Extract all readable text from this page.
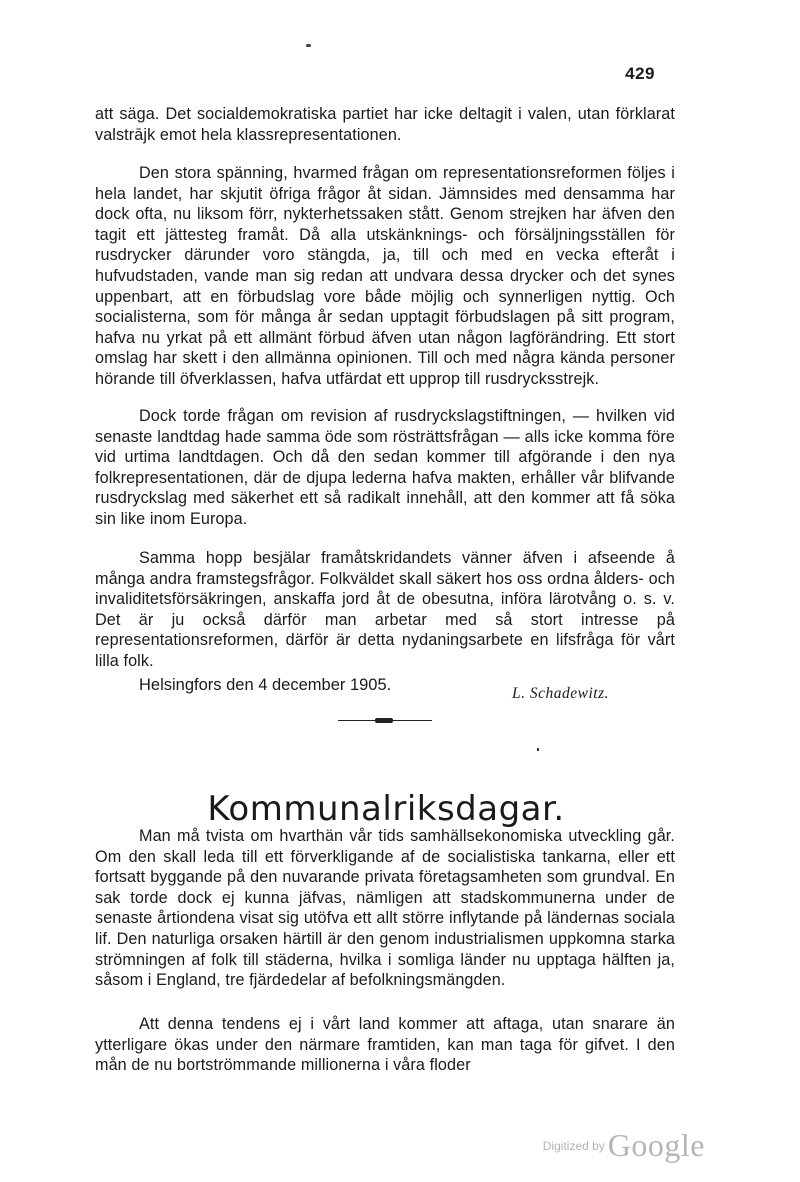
429

att säga. Det socialdemokratiska partiet har icke deltagit i valen, utan förklarat valstrājk emot hela klassrepresentationen.

Den stora spänning, hvarmed frågan om representationsreformen följes i hela landet, har skjutit öfriga frågor åt sidan. Jämnsides med densamma har dock ofta, nu liksom förr, nykterhetssaken stått. Genom strejken har äfven den tagit ett jättesteg framåt. Då alla utskänknings- och försäljningsställen för rusdrycker därunder voro stängda, ja, till och med en vecka efteråt i hufvudstaden, vande man sig redan att undvara dessa drycker och det synes uppenbart, att en förbudslag vore både möjlig och synnerligen nyttig. Och socialisterna, som för många år sedan upptagit förbudslagen på sitt program, hafva nu yrkat på ett allmänt förbud äfven utan någon lagförändring. Ett stort omslag har skett i den allmänna opinionen. Till och med några kända personer hörande till öfverklassen, hafva utfärdat ett upprop till rusdrycksstrejk.

Dock torde frågan om revision af rusdryckslagstiftningen, — hvilken vid senaste landtdag hade samma öde som rösträttsfrågan — alls icke komma före vid urtima landtdagen. Och då den sedan kommer till afgörande i den nya folkrepresentationen, där de djupa lederna hafva makten, erhåller vår blifvande rusdryckslag med säkerhet ett så radikalt innehåll, att den kommer att få söka sin like inom Europa.

Samma hopp besjälar framåtskridandets vänner äfven i afseende å många andra framstegsfrågor. Folkväldet skall säkert hos oss ordna ålders- och invaliditetsförsäkringen, anskaffa jord åt de obesutna, införa lärotvång o. s. v. Det är ju också därför man arbetar med så stort intresse på representationsreformen, därför är detta nydaningsarbete en lifsfråga för vårt lilla folk.

Helsingfors den 4 december 1905.	L. Schadewitz.
Kommunalriksdagar.

Man må tvista om hvarthän vår tids samhällsekonomiska utveckling går. Om den skall leda till ett förverkligande af de socialistiska tankarna, eller ett fortsatt byggande på den nuvarande privata företagsamheten som grundval. En sak torde dock ej kunna jäfvas, nämligen att stadskommunerna under de senaste årtiondena visat sig utöfva ett allt större inflytande på ländernas sociala lif. Den naturliga orsaken härtill är den genom industrialismen uppkomna starka strömningen af folk till städerna, hvilka i somliga länder nu upptaga hälften ja, såsom i England, tre fjärdedelar af befolkningsmängden.

Att denna tendens ej i vårt land kommer att aftaga, utan snarare än ytterligare ökas under den närmare framtiden, kan man taga för gifvet. I den mån de nu bortströmmande millionerna i våra floder

$^{Digitized by}$Google
